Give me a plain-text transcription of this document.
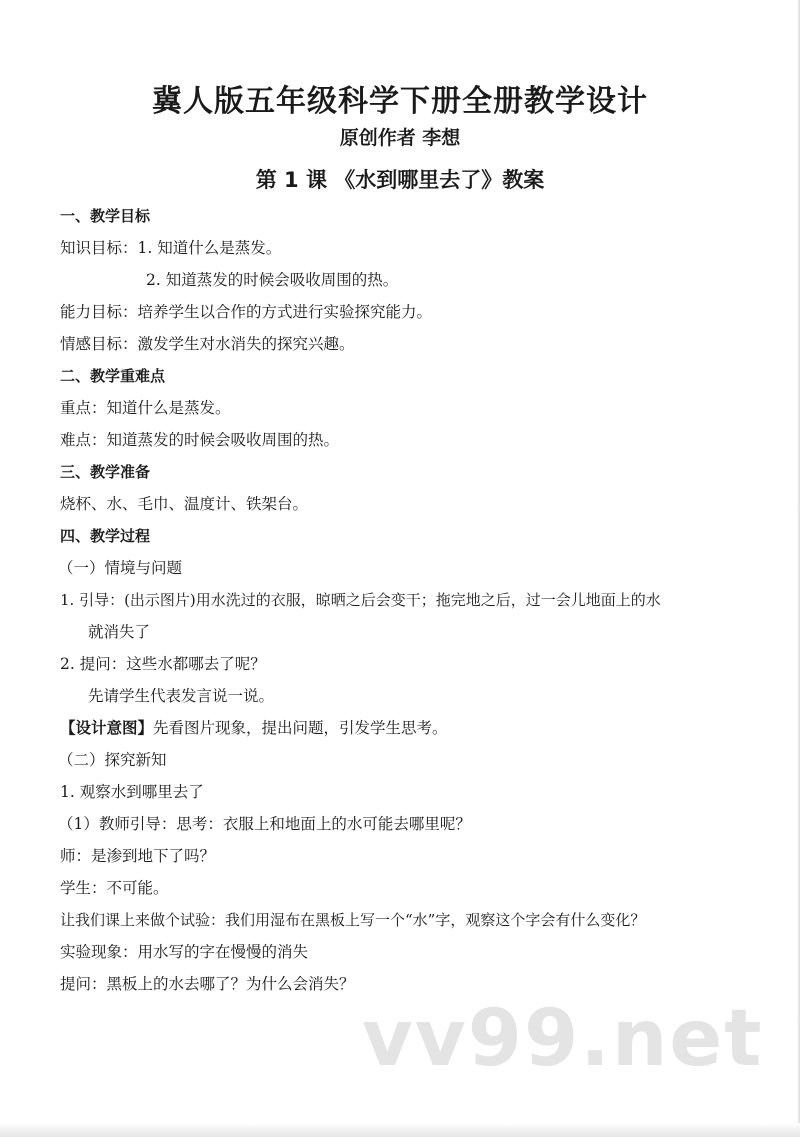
冀人版五年级科学下册全册教学设计
原创作者 李想
第 1 课 《水到哪里去了》教案

一、教学目标

知识目标：1. 知道什么是蒸发。

2. 知道蒸发的时候会吸收周围的热。

能力目标：培养学生以合作的方式进行实验探究能力。

情感目标：激发学生对水消失的探究兴趣。

二、教学重难点

重点：知道什么是蒸发。

难点：知道蒸发的时候会吸收周围的热。

三、教学准备

烧杯、水、毛巾、温度计、铁架台。

四、教学过程

（一）情境与问题

1. 引导：(出示图片)用水洗过的衣服，晾晒之后会变干；拖完地之后，过一会儿地面上的水

就消失了

2. 提问：这些水都哪去了呢？

先请学生代表发言说一说。

【设计意图】先看图片现象，提出问题，引发学生思考。

（二）探究新知

1. 观察水到哪里去了

（1）教师引导：思考：衣服上和地面上的水可能去哪里呢？

师：是渗到地下了吗？

学生：不可能。

让我们课上来做个试验：我们用湿布在黑板上写一个“水”字，观察这个字会有什么变化？

实验现象：用水写的字在慢慢的消失

提问：黑板上的水去哪了？为什么会消失？

vv99.net
